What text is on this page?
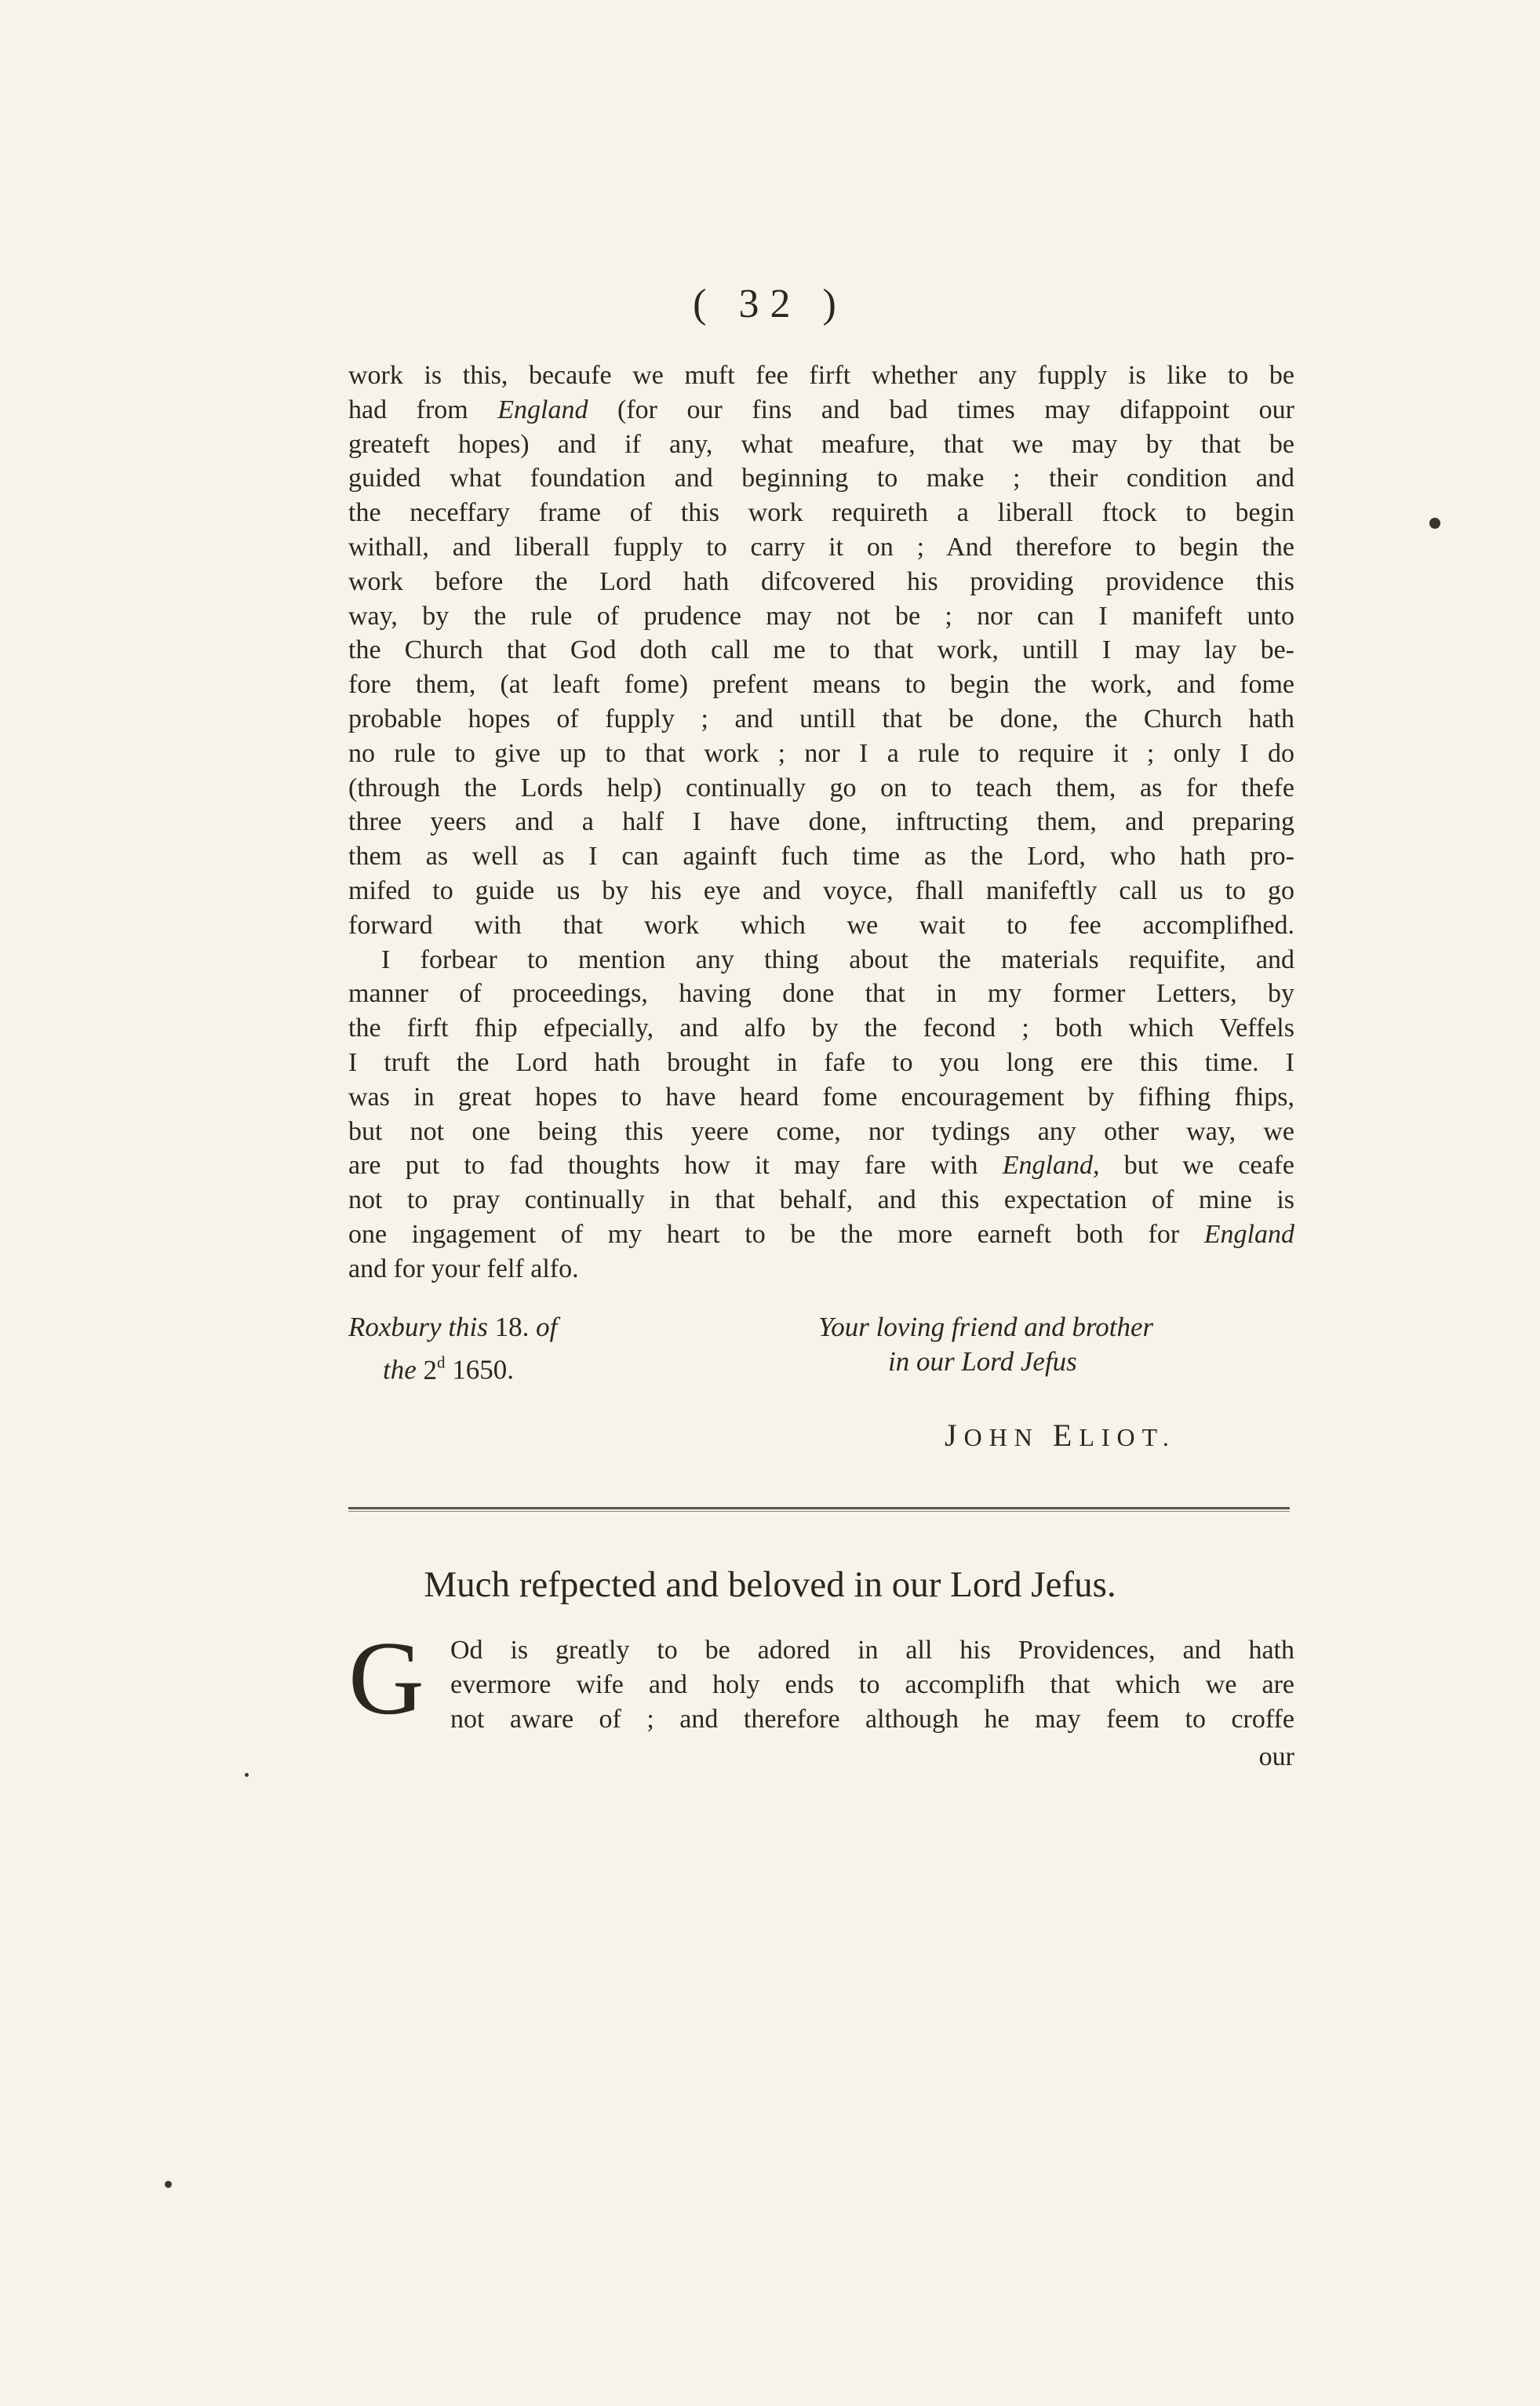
( 32 )
work is this, becaufe we muft fee firft whether any fupply is like to be
had from England (for our fins and bad times may difappoint our
greateft hopes) and if any, what meafure, that we may by that be
guided what foundation and beginning to make ; their condition and
the neceffary frame of this work requireth a liberall ftock to begin
withall, and liberall fupply to carry it on ; And therefore to begin the
work before the Lord hath difcovered his providing providence this
way, by the rule of prudence may not be ; nor can I manifeft unto
the Church that God doth call me to that work, untill I may lay be-
fore them, (at leaft fome) prefent means to begin the work, and fome
probable hopes of fupply ; and untill that be done, the Church hath
no rule to give up to that work ; nor I a rule to require it ; only I do
(through the Lords help) continually go on to teach them, as for thefe
three yeers and a half I have done, inftructing them, and preparing
them as well as I can againft fuch time as the Lord, who hath pro-
mifed to guide us by his eye and voyce, fhall manifeftly call us to go
forward with that work which we wait to fee accomplifhed.
I forbear to mention any thing about the materials requifite, and
manner of proceedings, having done that in my former Letters, by
the firft fhip efpecially, and alfo by the fecond ; both which Veffels
I truft the Lord hath brought in fafe to you long ere this time. I
was in great hopes to have heard fome encouragement by fifhing fhips,
but not one being this yeere come, nor tydings any other way, we
are put to fad thoughts how it may fare with England, but we ceafe
not to pray continually in that behalf, and this expectation of mine is
one ingagement of my heart to be the more earneft both for England
and for your felf alfo.
Roxbury this 18. of
the 2$^d$ 1650.
Your loving friend and brother
in our Lord Jefus
JOHN ELIOT.
Much refpected and beloved in our Lord Jefus.
G Od is greatly to be adored in all his Providences, and hath
evermore wife and holy ends to accomplifh that which we are
not aware of ; and therefore although he may feem to croffe
our
